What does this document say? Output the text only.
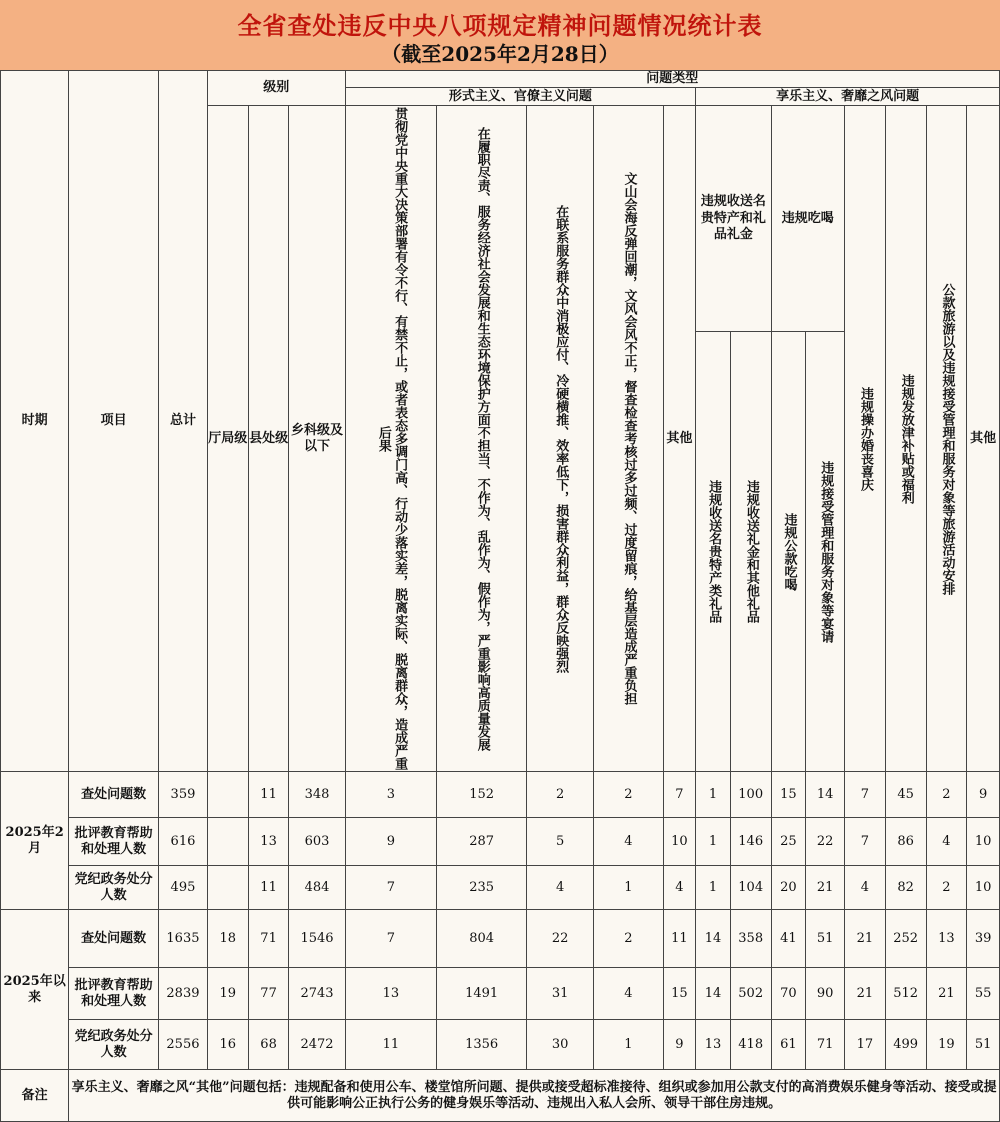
全省查处违反中央八项规定精神问题情况统计表
（截至2025年2月28日）
时期	项目	总计	级别			问题类型												
						形式主义、官僚主义问题					享乐主义、奢靡之风问题							
			厅局级	县处级	乡科级及以下	贯彻党中央重大决策部署有令不行、有禁不止，或者表态多调门高、行动少落实差，脱离实际、脱离群众，造成严重后果	在履职尽责、服务经济社会发展和生态环境保护方面不担当、不作为、乱作为、假作为，严重影响高质量发展	在联系服务群众中消极应付、冷硬横推、效率低下，损害群众利益，群众反映强烈	文山会海反弹回潮，文风会风不正，督查检查考核过多过频、过度留痕，给基层造成严重负担	其他	违规收送名贵特产和礼品礼金		违规吃喝		违规操办婚丧喜庆	违规发放津补贴或福利	公款旅游以及违规接受管理和服务对象等旅游活动安排	其他
											违规收送名贵特产类礼品	违规收送礼金和其他礼品	违规公款吃喝	违规接受管理和服务对象等宴请				
2025年2月	查处问题数	359		11	348	3	152	2	2	7	1	100	15	14	7	45	2	9
	批评教育帮助和处理人数	616		13	603	9	287	5	4	10	1	146	25	22	7	86	4	10
	党纪政务处分人数	495		11	484	7	235	4	1	4	1	104	20	21	4	82	2	10
2025年以来	查处问题数	1635	18	71	1546	7	804	22	2	11	14	358	41	51	21	252	13	39
	批评教育帮助和处理人数	2839	19	77	2743	13	1491	31	4	15	14	502	70	90	21	512	21	55
	党纪政务处分人数	2556	16	68	2472	11	1356	30	1	9	13	418	61	71	17	499	19	51
备注	享乐主义、奢靡之风“其他”问题包括：违规配备和使用公车、楼堂馆所问题、提供或接受超标准接待、组织或参加用公款支付的高消费娱乐健身等活动、接受或提																	
